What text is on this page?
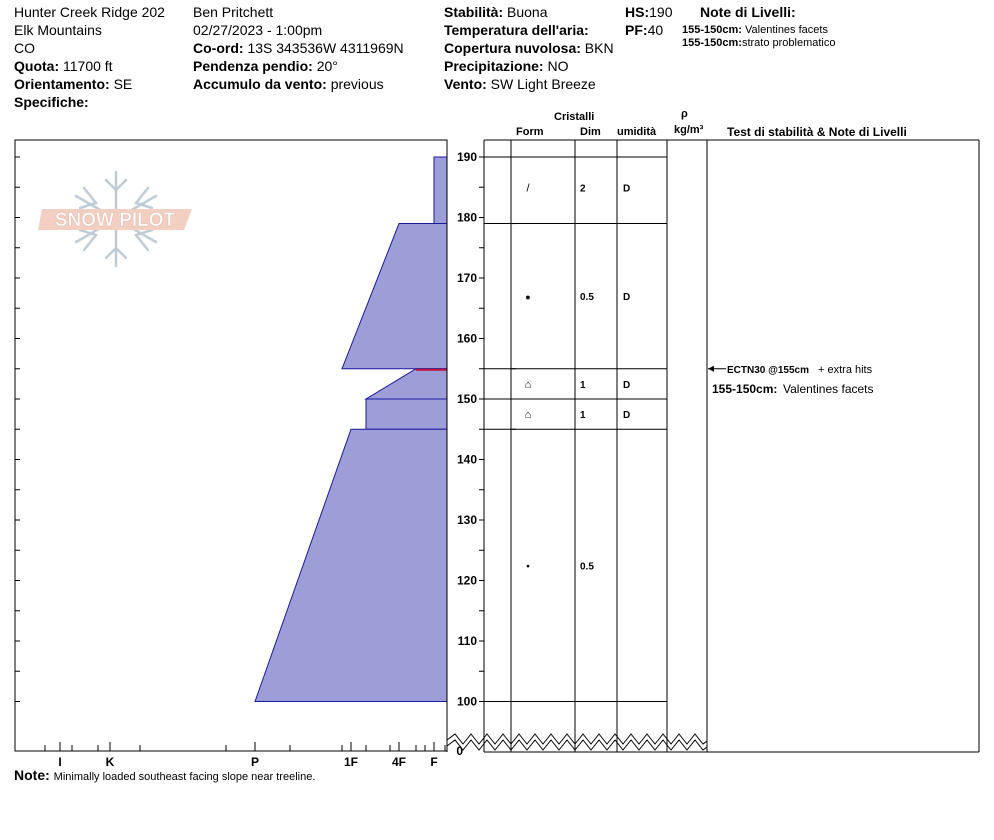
Hunter Creek Ridge 202
Elk Mountains
CO
Quota: 11700 ft
Orientamento: SE
Specifiche:
Ben Pritchett
02/27/2023 - 1:00pm
Co-ord: 13S 343536W 4311969N
Pendenza pendio: 20°
Accumulo da vento: previous
Stabilità: Buona
Temperatura dell'aria:
Copertura nuvolosa: BKN
Precipitazione: NO
Vento: SW Light Breeze
HS:190
PF:40
Note di Livelli:
155-150cm: Valentines facets
155-150cm:strato problematico
Cristalli
Form	Dim umidità
ρ
kg/m³ Test di stabilità & Note di Livelli
I	K	P	1F	4F F
SNOW PILOT
100
110
120
130
140
150
160
170
180
190
0
/	2	D
●	0.5	D
⌂	1	D
⌂	1	D
•	0.5
ECTN30 @155cm + extra hits
155-150cm: Valentines facets
Note: Minimally loaded southeast facing slope near treeline.
